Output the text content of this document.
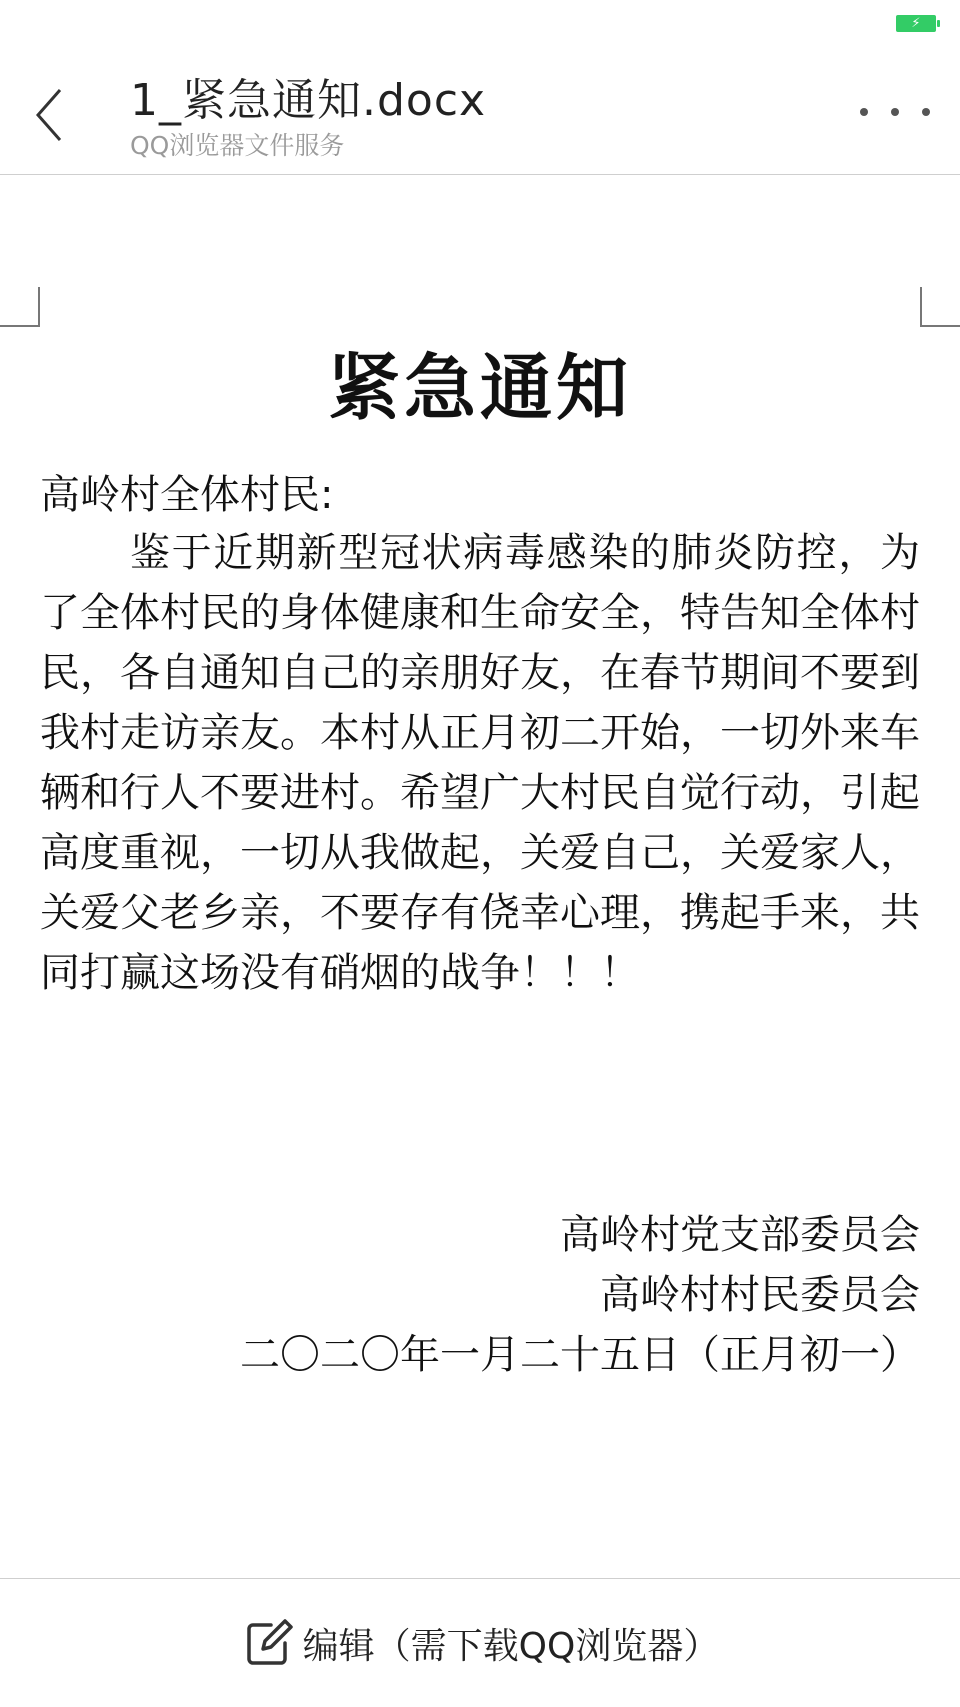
⚡
1_紧急通知.docx
QQ浏览器文件服务
紧急通知
高岭村全体村民:
鉴于近期新型冠状病毒感染的肺炎防控，为了全体村民的身体健康和生命安全，特告知全体村民，各自通知自己的亲朋好友，在春节期间不要到我村走访亲友。本村从正月初二开始，一切外来车辆和行人不要进村。希望广大村民自觉行动，引起高度重视，一切从我做起，关爱自己，关爱家人，关爱父老乡亲，不要存有侥幸心理，携起手来，共同打赢这场没有硝烟的战争！！！
高岭村党支部委员会
高岭村村民委员会
二〇二〇年一月二十五日（正月初一）
编辑（需下载QQ浏览器）
